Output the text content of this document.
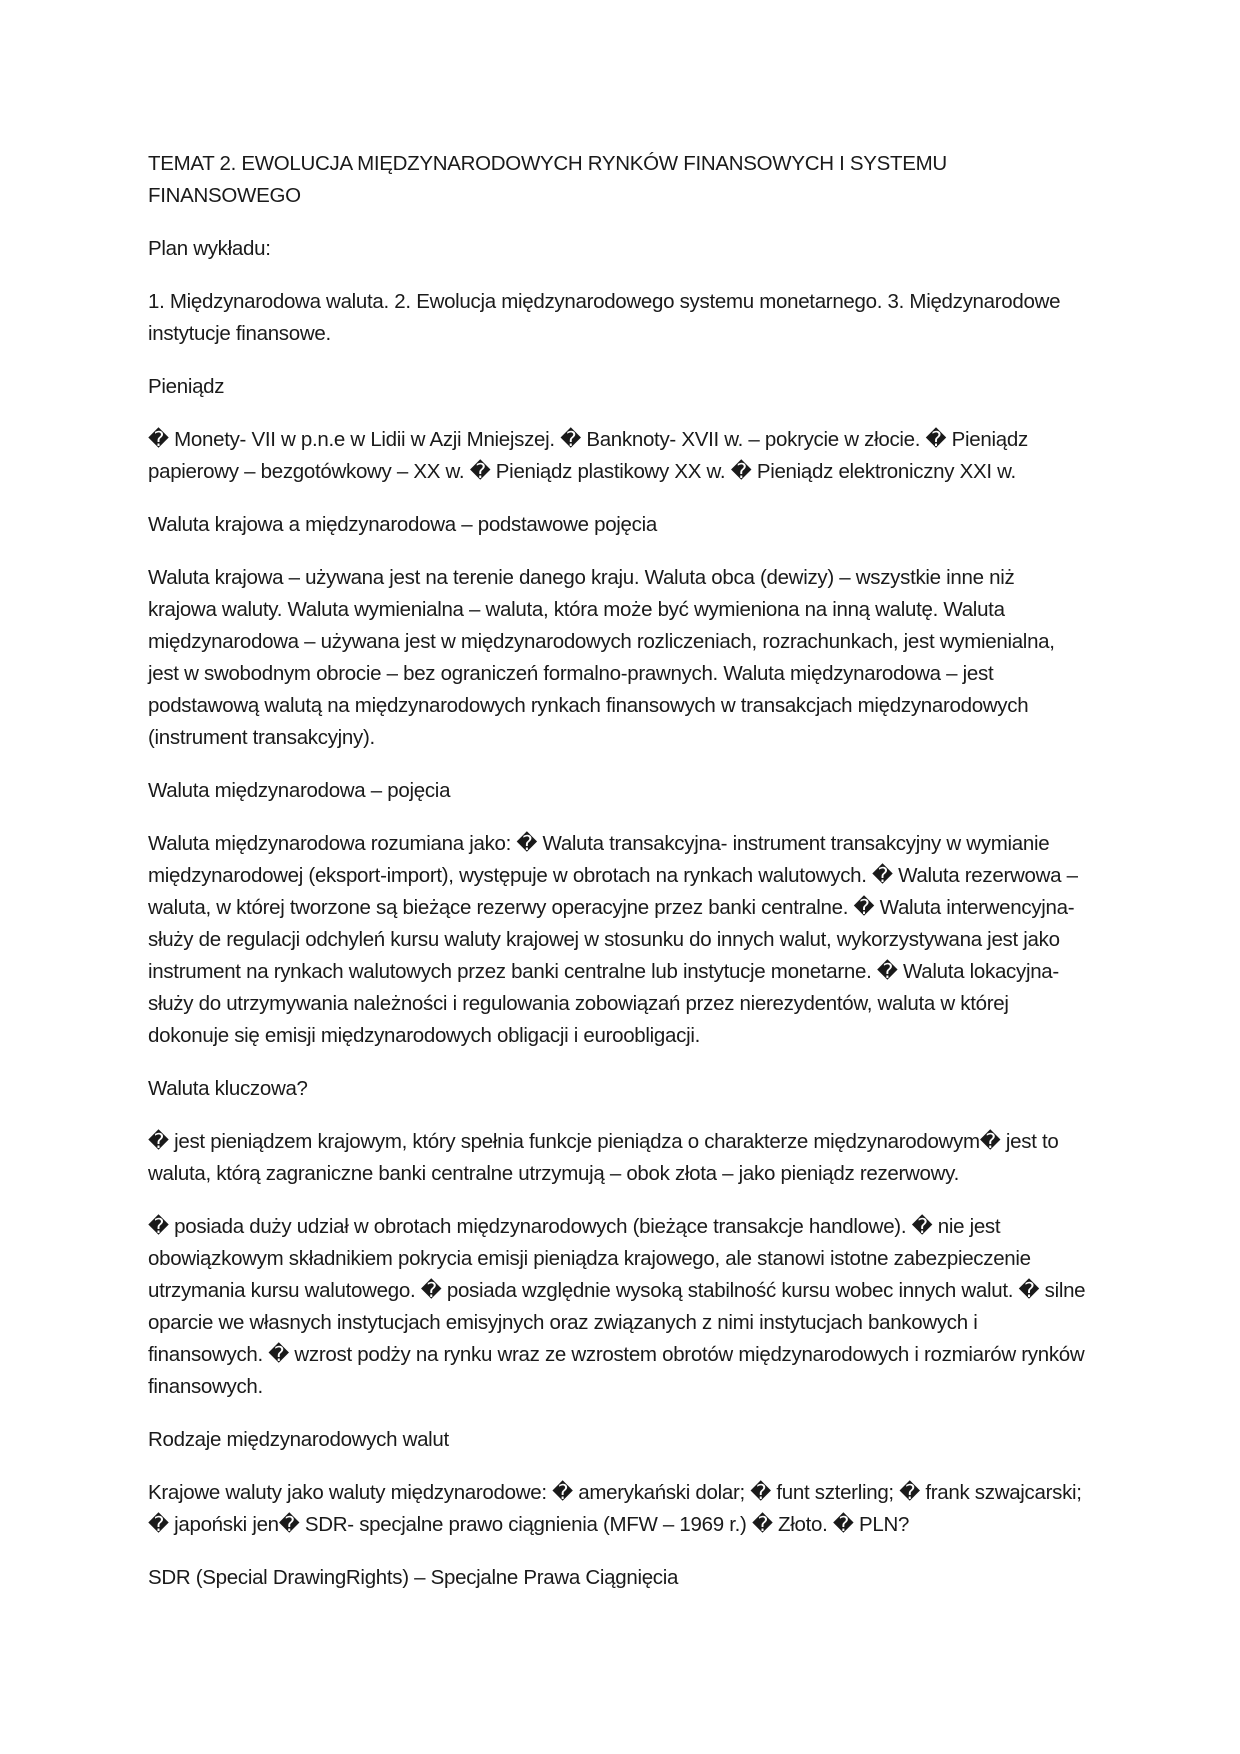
TEMAT 2. EWOLUCJA MIĘDZYNARODOWYCH RYNKÓW FINANSOWYCH I SYSTEMU FINANSOWEGO

Plan wykładu:

1. Międzynarodowa waluta. 2. Ewolucja międzynarodowego systemu monetarnego. 3. Międzynarodowe instytucje finansowe.

Pieniądz

� Monety- VII w p.n.e w Lidii w Azji Mniejszej. � Banknoty- XVII w. – pokrycie w złocie. � Pieniądz papierowy – bezgotówkowy – XX w. � Pieniądz plastikowy XX w. � Pieniądz elektroniczny XXI w.

Waluta krajowa a międzynarodowa – podstawowe pojęcia

Waluta krajowa – używana jest na terenie danego kraju. Waluta obca (dewizy) – wszystkie inne niż krajowa waluty. Waluta wymienialna – waluta, która może być wymieniona na inną walutę. Waluta międzynarodowa – używana jest w międzynarodowych rozliczeniach, rozrachunkach, jest wymienialna, jest w swobodnym obrocie – bez ograniczeń formalno-prawnych. Waluta międzynarodowa – jest podstawową walutą na międzynarodowych rynkach finansowych w transakcjach międzynarodowych (instrument transakcyjny).

Waluta międzynarodowa – pojęcia

Waluta międzynarodowa rozumiana jako: � Waluta transakcyjna- instrument transakcyjny w wymianie międzynarodowej (eksport-import), występuje w obrotach na rynkach walutowych. � Waluta rezerwowa – waluta, w której tworzone są bieżące rezerwy operacyjne przez banki centralne. � Waluta interwencyjna- służy de regulacji odchyleń kursu waluty krajowej w stosunku do innych walut, wykorzystywana jest jako instrument na rynkach walutowych przez banki centralne lub instytucje monetarne. � Waluta lokacyjna- służy do utrzymywania należności i regulowania zobowiązań przez nierezydentów, waluta w której dokonuje się emisji międzynarodowych obligacji i euroobligacji.

Waluta kluczowa?

� jest pieniądzem krajowym, który spełnia funkcje pieniądza o charakterze międzynarodowym� jest to waluta, którą zagraniczne banki centralne utrzymują – obok złota – jako pieniądz rezerwowy.

� posiada duży udział w obrotach międzynarodowych (bieżące transakcje handlowe). � nie jest obowiązkowym składnikiem pokrycia emisji pieniądza krajowego, ale stanowi istotne zabezpieczenie utrzymania kursu walutowego. � posiada względnie wysoką stabilność kursu wobec innych walut. � silne oparcie we własnych instytucjach emisyjnych oraz związanych z nimi instytucjach bankowych i finansowych. � wzrost podży na rynku wraz ze wzrostem obrotów międzynarodowych i rozmiarów rynków finansowych.

Rodzaje międzynarodowych walut

Krajowe waluty jako waluty międzynarodowe: � amerykański dolar; � funt szterling; � frank szwajcarski; � japoński jen� SDR- specjalne prawo ciągnienia (MFW – 1969 r.) � Złoto. � PLN?

SDR (Special DrawingRights) – Specjalne Prawa Ciągnięcia
